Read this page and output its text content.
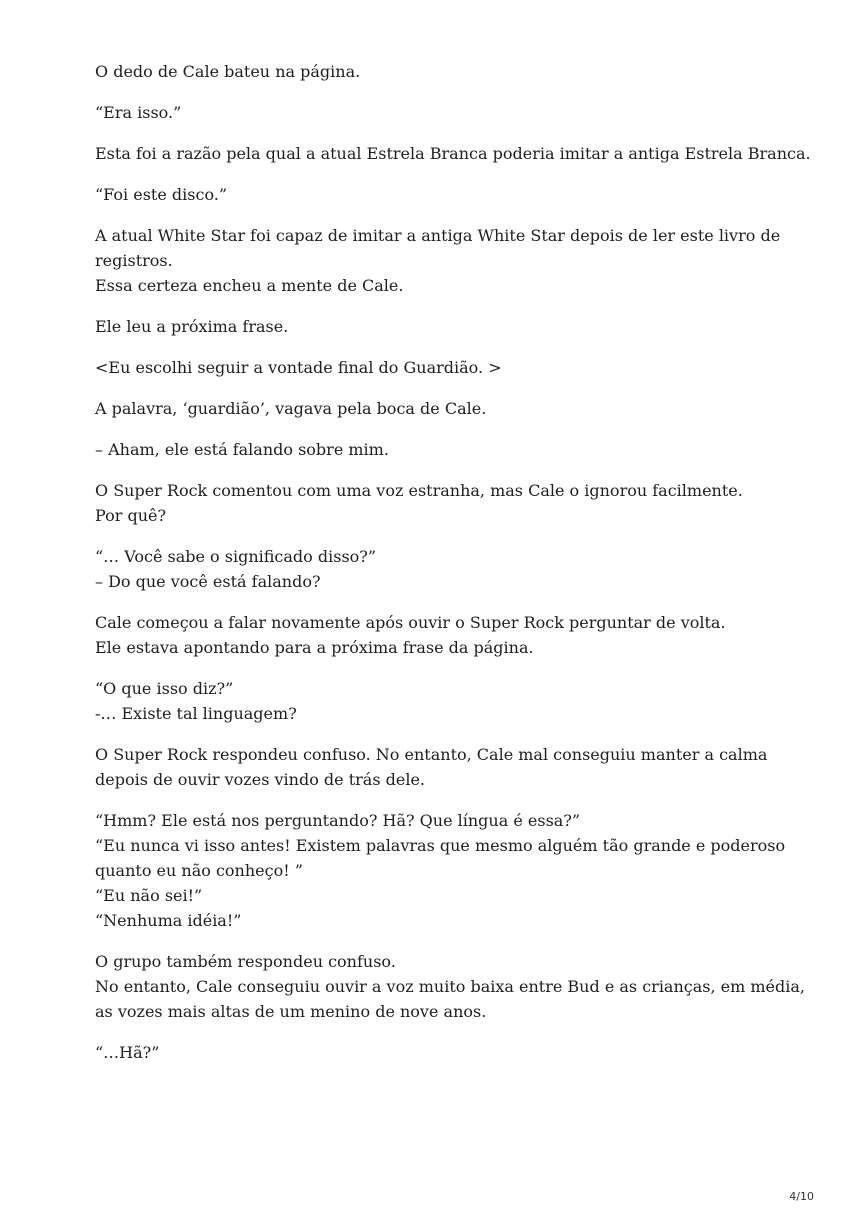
O dedo de Cale bateu na página.

“Era isso.”

Esta foi a razão pela qual a atual Estrela Branca poderia imitar a antiga Estrela Branca.

“Foi este disco.”

A atual White Star foi capaz de imitar a antiga White Star depois de ler este livro de
registros.
Essa certeza encheu a mente de Cale.

Ele leu a próxima frase.

<Eu escolhi seguir a vontade final do Guardião. >

A palavra, ‘guardião’, vagava pela boca de Cale.

– Aham, ele está falando sobre mim.

O Super Rock comentou com uma voz estranha, mas Cale o ignorou facilmente.
Por quê?

“… Você sabe o significado disso?”
– Do que você está falando?

Cale começou a falar novamente após ouvir o Super Rock perguntar de volta.
Ele estava apontando para a próxima frase da página.

“O que isso diz?”
-… Existe tal linguagem?

O Super Rock respondeu confuso. No entanto, Cale mal conseguiu manter a calma
depois de ouvir vozes vindo de trás dele.

“Hmm? Ele está nos perguntando? Hã? Que língua é essa?”
“Eu nunca vi isso antes! Existem palavras que mesmo alguém tão grande e poderoso
quanto eu não conheço! ”
“Eu não sei!”
“Nenhuma idéia!”

O grupo também respondeu confuso.
No entanto, Cale conseguiu ouvir a voz muito baixa entre Bud e as crianças, em média,
as vozes mais altas de um menino de nove anos.

“…Hã?”

4/10
